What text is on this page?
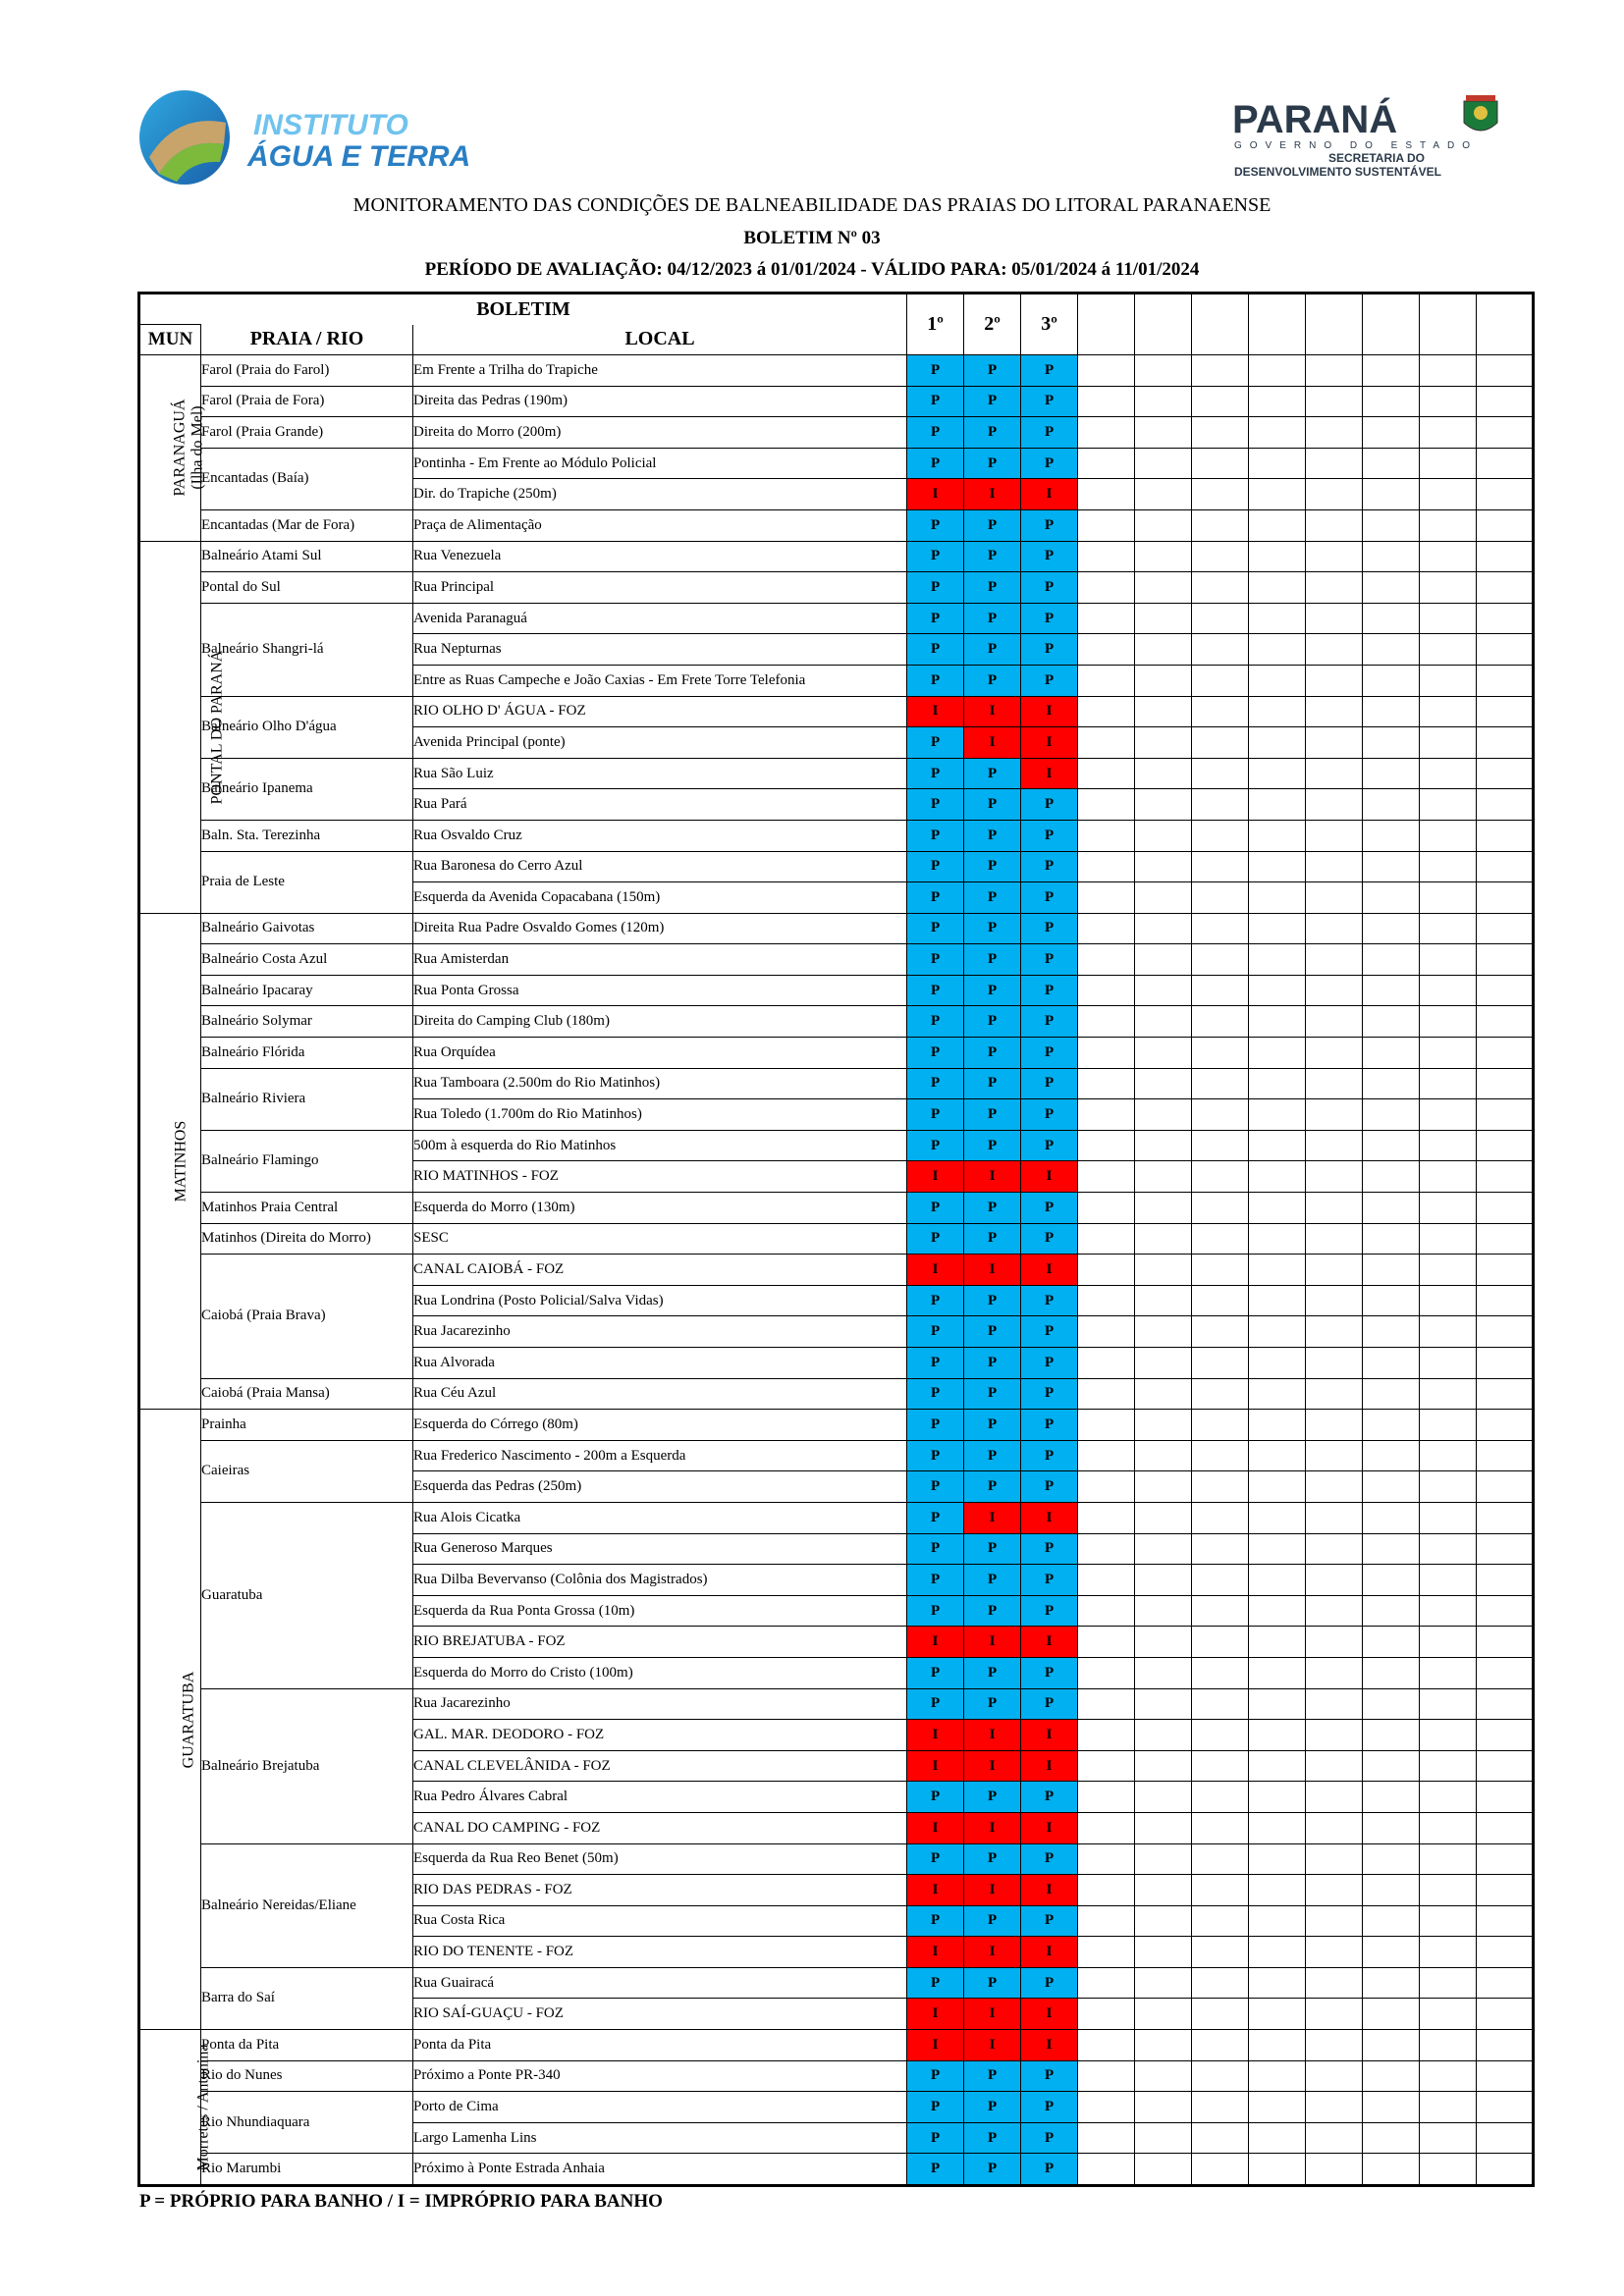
INSTITUTO
ÁGUA E TERRA
PARANÁ
GOVERNO DO ESTADO
SECRETARIA DO
DESENVOLVIMENTO SUSTENTÁVEL
MONITORAMENTO DAS CONDIÇÕES DE BALNEABILIDADE DAS PRAIAS DO LITORAL PARANAENSE
BOLETIM Nº 03
PERÍODO DE AVALIAÇÃO: 04/12/2023 á 01/01/2024 - VÁLIDO PARA: 05/01/2024 á 11/01/2024
BOLETIM			1º	2º	3º								
MUN	PRAIA / RIO	LOCAL											
PARANAGUÁ
(Ilha do Mel)	Farol (Praia do Farol)	Em Frente a Trilha do Trapiche	P	P	P								
	Farol (Praia de Fora)	Direita das Pedras (190m)	P	P	P								
	Farol (Praia Grande)	Direita do Morro (200m)	P	P	P								
	Encantadas (Baía)	Pontinha - Em Frente ao Módulo Policial	P	P	P								
		Dir. do Trapiche (250m)	I	I	I								
	Encantadas (Mar de Fora)	Praça de Alimentação	P	P	P								
PONTAL DO PARANÁ	Balneário Atami Sul	Rua Venezuela	P	P	P								
	Pontal do Sul	Rua Principal	P	P	P								
	Balneário Shangri-lá	Avenida Paranaguá	P	P	P								
		Rua Nepturnas	P	P	P								
		Entre as Ruas Campeche e João Caxias - Em Frete Torre Telefonia	P	P	P								
	Balneário Olho D'água	RIO OLHO D' ÁGUA - FOZ	I	I	I								
		Avenida Principal (ponte)	P	I	I								
	Balneário Ipanema	Rua São Luiz	P	P	I								
		Rua Pará	P	P	P								
	Baln. Sta. Terezinha	Rua Osvaldo Cruz	P	P	P								
	Praia de Leste	Rua Baronesa do Cerro Azul	P	P	P								
		Esquerda da Avenida Copacabana (150m)	P	P	P								
MATINHOS	Balneário Gaivotas	Direita Rua Padre Osvaldo Gomes (120m)	P	P	P								
	Balneário Costa Azul	Rua Amisterdan	P	P	P								
	Balneário Ipacaray	Rua Ponta Grossa	P	P	P								
	Balneário Solymar	Direita do Camping Club (180m)	P	P	P								
	Balneário Flórida	Rua Orquídea	P	P	P								
	Balneário Riviera	Rua Tamboara (2.500m do Rio Matinhos)	P	P	P								
		Rua Toledo (1.700m do Rio Matinhos)	P	P	P								
	Balneário Flamingo	500m à esquerda do Rio Matinhos	P	P	P								
		RIO MATINHOS - FOZ	I	I	I								
	Matinhos Praia Central	Esquerda do Morro (130m)	P	P	P								
	Matinhos (Direita do Morro)	SESC	P	P	P								
	Caiobá (Praia Brava)	CANAL CAIOBÁ - FOZ	I	I	I								
		Rua Londrina (Posto Policial/Salva Vidas)	P	P	P								
		Rua Jacarezinho	P	P	P								
		Rua Alvorada	P	P	P								
	Caiobá (Praia Mansa)	Rua Céu Azul	P	P	P								
GUARATUBA	Prainha	Esquerda do Córrego (80m)	P	P	P								
	Caieiras	Rua Frederico Nascimento - 200m a Esquerda	P	P	P								
		Esquerda das Pedras (250m)	P	P	P								
	Guaratuba	Rua Alois Cicatka	P	I	I								
		Rua Generoso Marques	P	P	P								
		Rua Dilba Bevervanso (Colônia dos Magistrados)	P	P	P								
		Esquerda da Rua Ponta Grossa (10m)	P	P	P								
		RIO BREJATUBA - FOZ	I	I	I								
		Esquerda do Morro do Cristo (100m)	P	P	P								
	Balneário Brejatuba	Rua Jacarezinho	P	P	P								
		GAL. MAR. DEODORO - FOZ	I	I	I								
		CANAL CLEVELÂNIDA - FOZ	I	I	I								
		Rua Pedro Álvares Cabral	P	P	P								
		CANAL DO CAMPING - FOZ	I	I	I								
	Balneário Nereidas/Eliane	Esquerda da Rua Reo Benet (50m)	P	P	P								
		RIO DAS PEDRAS - FOZ	I	I	I								
		Rua Costa Rica	P	P	P								
		RIO DO TENENTE - FOZ	I	I	I								
	Barra do Saí	Rua Guairacá	P	P	P								
		RIO SAÍ-GUAÇU - FOZ	I	I	I								
Morretes / Antonina	Ponta da Pita	Ponta da Pita	I	I	I								
	Rio do Nunes	Próximo a Ponte PR-340	P	P	P								
	Rio Nhundiaquara	Porto de Cima	P	P	P								
		Largo Lamenha Lins	P	P	P								
	Rio Marumbi	Próximo à Ponte Estrada Anhaia	P	P	P								
P = PRÓPRIO PARA BANHO / I = IMPRÓPRIO PARA BANHO
